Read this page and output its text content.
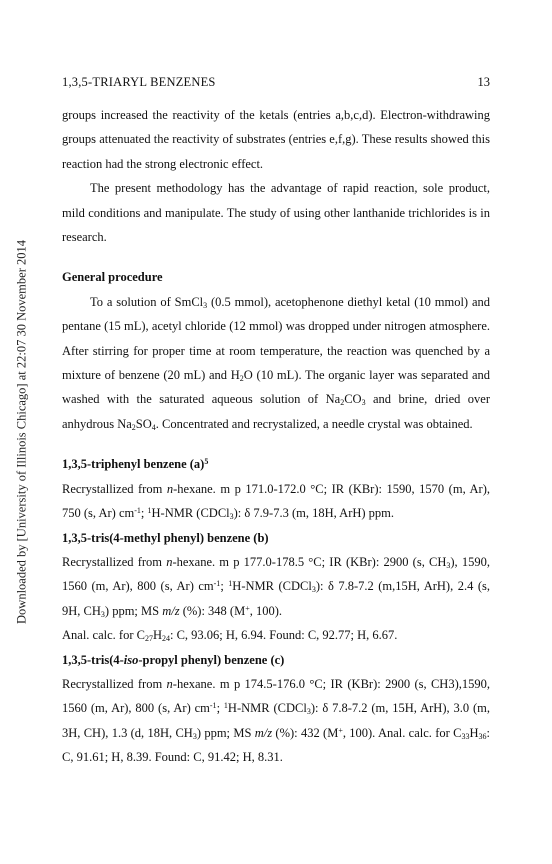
Downloaded by [University of Illinois Chicago] at 22:07 30 November 2014
1,3,5-TRIARYL BENZENES	13

groups increased the reactivity of the ketals (entries a,b,c,d). Electron-withdrawing groups attenuated the reactivity of substrates (entries e,f,g). These results showed this reaction had the strong electronic effect.

The present methodology has the advantage of rapid reaction, sole product, mild conditions and manipulate. The study of using other lanthanide trichlorides is in research.

General procedure

To a solution of SmCl$_3$ (0.5 mmol), acetophenone diethyl ketal (10 mmol) and pentane (15 mL), acetyl chloride (12 mmol) was dropped under nitrogen atmosphere. After stirring for proper time at room temperature, the reaction was quenched by a mixture of benzene (20 mL) and $H_2O$ (10 mL). The organic layer was separated and washed with the saturated aqueous solution of $Na_2CO_3$ and brine, dried over anhydrous $Na_2SO_4$. Concentrated and recrystalized, a needle crystal was obtained.

1,3,5-triphenyl benzene $(a)^5$

Recrystallized from n-hexane. m p 171.0-172.0 °C; IR (KBr): 1590, 1570 (m, Ar), 750 (s, Ar) $cm^{-1}$; $^1$H-NMR (CDCl$_3$): δ 7.9-7.3 (m, 18H, ArH) ppm.

1,3,5-tris(4-methyl phenyl) benzene (b)

Recrystallized from n-hexane. m p 177.0-178.5 °C; IR (KBr): 2900 (s, $CH_3$), 1590, 1560 (m, Ar), 800 (s, Ar) $cm^{-1}$; $^1$H-NMR (CDCl$_3$): δ 7.8-7.2 (m,15H, ArH), 2.4 (s, 9H, $CH_3$) ppm; MS m/z (%): 348 (M+, 100).

Anal. calc. for $C_{27}H_{24}$: C, 93.06; H, 6.94. Found: C, 92.77; H, 6.67.

1,3,5-tris(4-iso-propyl phenyl) benzene (c)

Recrystallized from n-hexane. m p 174.5-176.0 °C; IR (KBr): 2900 (s, CH3),1590, 1560 (m, Ar), 800 (s, Ar) $cm^{-1}$; $^1$H-NMR (CDCl$_3$): δ 7.8-7.2 (m, 15H, ArH), 3.0 (m, 3H, CH), 1.3 (d, 18H, $CH_3$) ppm; MS m/z (%): 432 (M+, 100). Anal. calc. for $C_{33}H_{36}$: C, 91.61; H, 8.39. Found: C, 91.42; H, 8.31.
